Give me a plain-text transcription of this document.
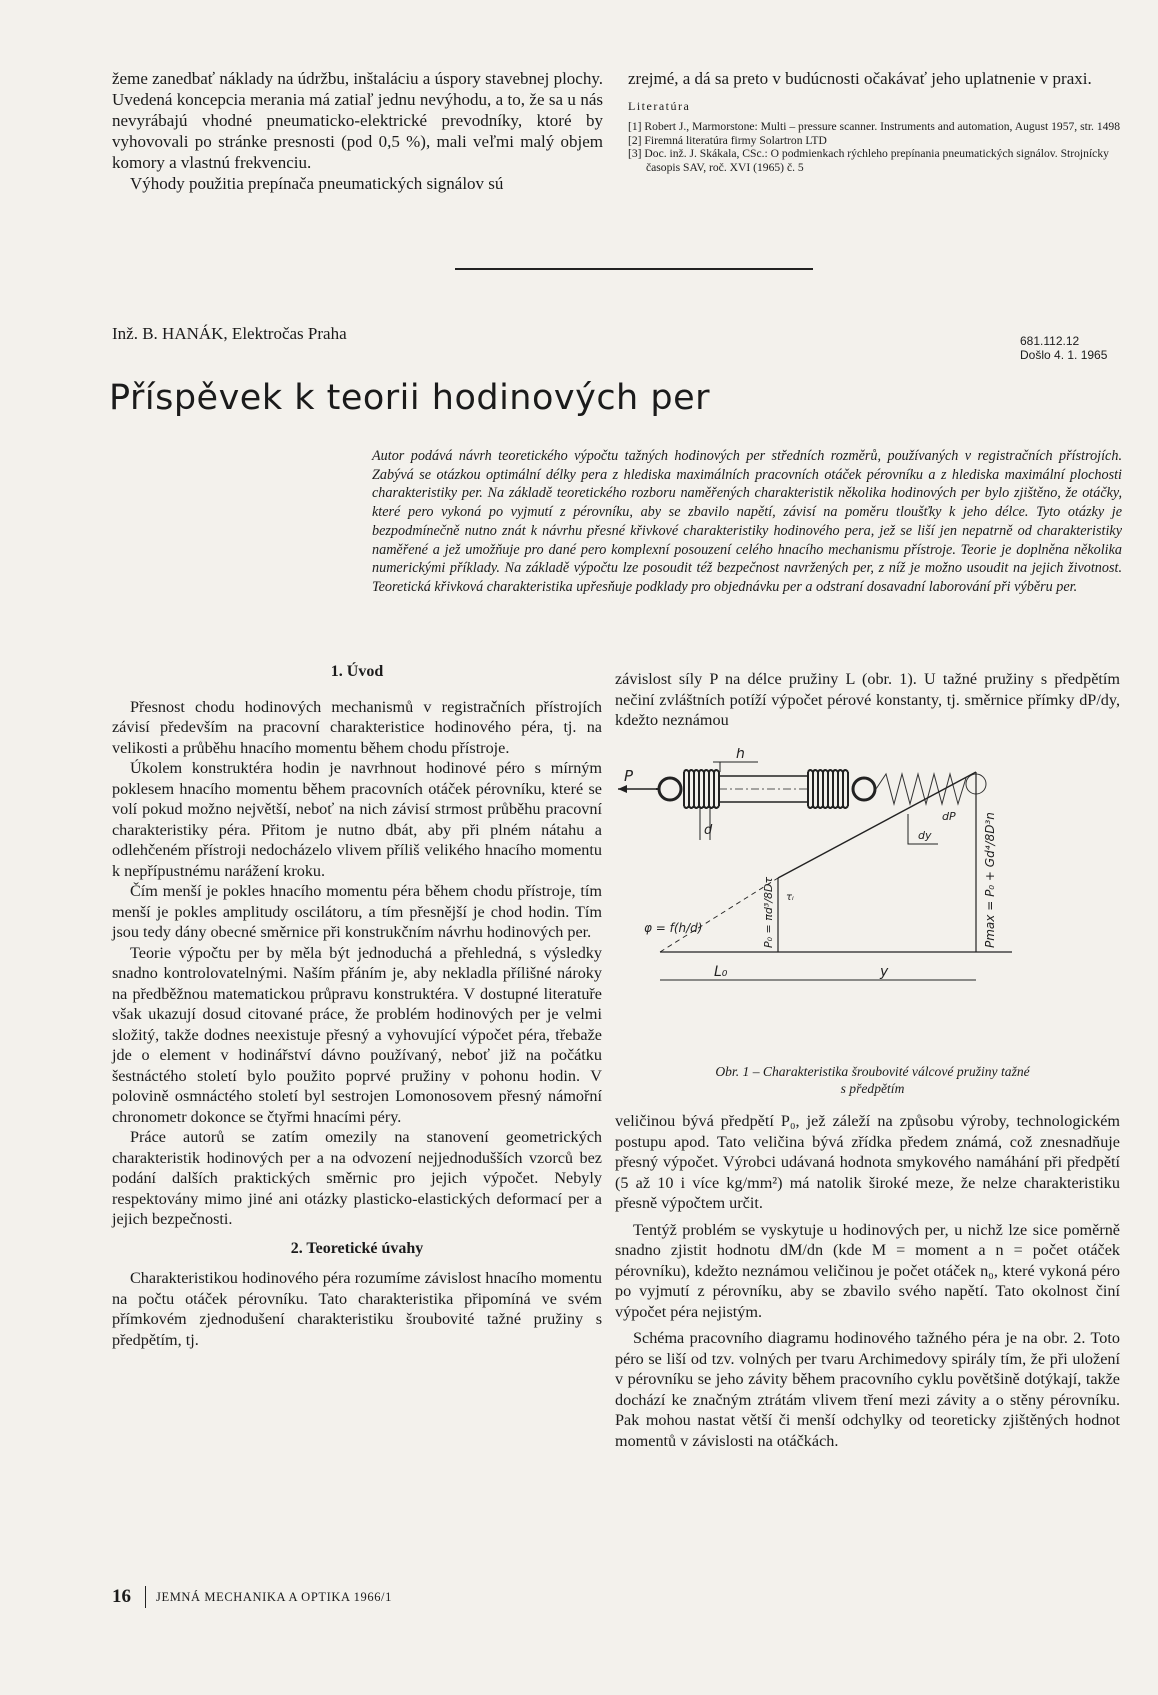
žeme zanedbať náklady na údržbu, inštaláciu a úspory stavebnej plochy. Uvedená koncepcia merania má zatiaľ jednu nevýhodu, a to, že sa u nás nevyrábajú vhodné pneumaticko-elektrické prevodníky, ktoré by vyhovovali po stránke presnosti (pod 0,5 %), mali veľmi malý objem komory a vlastnú frekvenciu.

Výhody použitia prepínača pneumatických signálov sú

zrejmé, a dá sa preto v budúcnosti očakávať jeho uplatnenie v praxi.

Literatúra

[1] Robert J., Marmorstone: Multi – pressure scanner. Instruments and automation, August 1957, str. 1498

[2] Firemná literatúra firmy Solartron LTD

[3] Doc. inž. J. Skákala, CSc.: O podmienkach rýchleho prepínania pneumatických signálov. Strojnícky časopis SAV, roč. XVI (1965) č. 5

Inž. B. HANÁK, Elektročas Praha	681.112.12
Došlo 4. 1. 1965
Příspěvek k teorii hodinových per
Autor podává návrh teoretického výpočtu tažných hodinových per středních rozměrů, používaných v registračních přístrojích. Zabývá se otázkou optimální délky pera z hlediska maximálních pracovních otáček pérovníku a z hlediska maximální plochosti charakteristiky per. Na základě teoretického rozboru naměřených charakteristik několika hodinových per bylo zjištěno, že otáčky, které pero vykoná po vyjmutí z pérovníku, aby se zbavilo napětí, závisí na poměru tloušťky k jeho délce. Tyto otázky je bezpodmínečně nutno znát k návrhu přesné křivkové charakteristiky hodinového pera, jež se liší jen nepatrně od charakteristiky naměřené a jež umožňuje pro dané pero komplexní posouzení celého hnacího mechanismu přístroje. Teorie je doplněna několika numerickými příklady. Na základě výpočtu lze posoudit též bezpečnost navržených per, z níž je možno usoudit na jejich životnost. Teoretická křivková charakteristika upřesňuje podklady pro objednávku per a odstraní dosavadní laborování při výběru per.
1. Úvod

Přesnost chodu hodinových mechanismů v registračních přístrojích závisí především na pracovní charakteristice hodinového péra, tj. na velikosti a průběhu hnacího momentu během chodu přístroje.

Úkolem konstruktéra hodin je navrhnout hodinové péro s mírným poklesem hnacího momentu během pracovních otáček pérovníku, které se volí pokud možno největší, neboť na nich závisí strmost průběhu pracovní charakteristiky péra. Přitom je nutno dbát, aby při plném nátahu a odlehčeném přístroji nedocházelo vlivem příliš velikého hnacího momentu k nepřípustnému narážení kroku.

Čím menší je pokles hnacího momentu péra během chodu přístroje, tím menší je pokles amplitudy oscilátoru, a tím přesnější je chod hodin. Tím jsou tedy dány obecné směrnice při konstrukčním návrhu hodinových per.

Teorie výpočtu per by měla být jednoduchá a přehledná, s výsledky snadno kontrolovatelnými. Naším přáním je, aby nekladla přílišné nároky na předběžnou matematickou průpravu konstruktéra. V dostupné literatuře však ukazují dosud citované práce, že problém hodinových per je velmi složitý, takže dodnes neexistuje přesný a vyhovující výpočet péra, třebaže jde o element v hodinářství dávno používaný, neboť již na počátku šestnáctého století bylo použito poprvé pružiny v pohonu hodin. V polovině osmnáctého století byl sestrojen Lomonosovem přesný námořní chronometr dokonce se čtyřmi hnacími péry.

Práce autorů se zatím omezily na stanovení geometrických charakteristik hodinových per a na odvození nejjednodušších vzorců bez podání dalších praktických směrnic pro jejich výpočet. Nebyly respektovány mimo jiné ani otázky plasticko-elastických deformací per a jejich bezpečnosti.

2. Teoretické úvahy

Charakteristikou hodinového péra rozumíme závislost hnacího momentu na počtu otáček pérovníku. Tato charakteristika připomíná ve svém přímkovém zjednodušení charakteristiku šroubovité tažné pružiny s předpětím, tj.

závislost síly P na délce pružiny L (obr. 1). U tažné pružiny s předpětím nečiní zvláštních potíží výpočet pérové konstanty, tj. směrnice přímky dP/dy, kdežto neznámou

P
h
d	dy
dP
L₀	y
φ = f(h/d)	P₀ = πd³/8Dτ τᵢ	Pmax = P₀ + Gd⁴/8D³n
Obr. 1 – Charakteristika šroubovité válcové pružiny tažné
s předpětím

veličinou bývá předpětí P₀, jež záleží na způsobu výroby, technologickém postupu apod. Tato veličina bývá zřídka předem známá, což znesnadňuje přesný výpočet. Výrobci udávaná hodnota smykového namáhání při předpětí (5 až 10 i více kg/mm²) má natolik široké meze, že nelze charakteristiku přesně výpočtem určit.

Tentýž problém se vyskytuje u hodinových per, u nichž lze sice poměrně snadno zjistit hodnotu dM/dn (kde M = moment a n = počet otáček pérovníku), kdežto neznámou veličinou je počet otáček n₀, které vykoná péro po vyjmutí z pérovníku, aby se zbavilo svého napětí. Tato okolnost činí výpočet péra nejistým.

Schéma pracovního diagramu hodinového tažného péra je na obr. 2. Toto péro se liší od tzv. volných per tvaru Archimedovy spirály tím, že při uložení v pérovníku se jeho závity během pracovního cyklu povětšině dotýkají, takže dochází ke značným ztrátám vlivem tření mezi závity a o stěny pérovníku. Pak mohou nastat větší či menší odchylky od teoreticky zjištěných hodnot momentů v závislosti na otáčkách.

16 JEMNÁ MECHANIKA A OPTIKA 1966/1
